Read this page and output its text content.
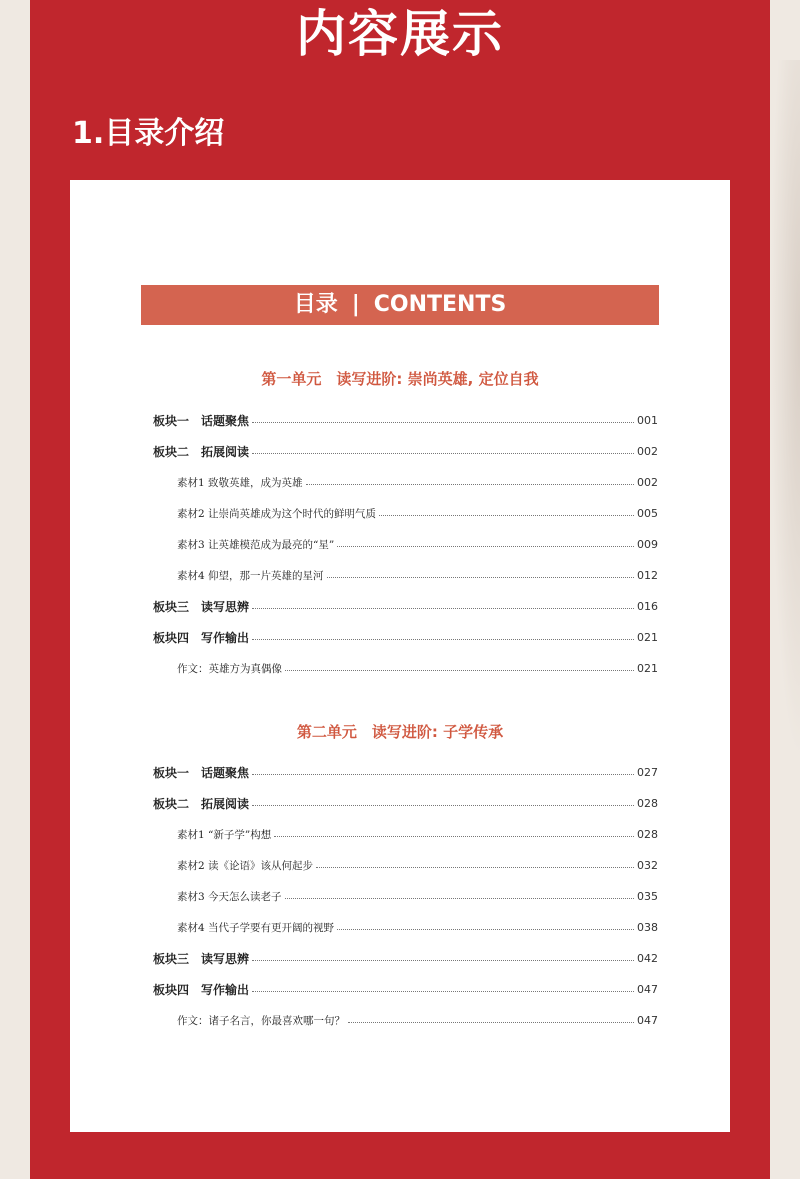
内容展示
1.目录介绍
目录 | CONTENTS
第一单元　读写进阶: 崇尚英雄, 定位自我
板块一　话题聚焦	001
板块二　拓展阅读	002
素材1 致敬英雄，成为英雄	002
素材2 让崇尚英雄成为这个时代的鲜明气质	005
素材3 让英雄模范成为最亮的“星”	009
素材4 仰望，那一片英雄的星河	012
板块三　读写思辨	016
板块四　写作输出	021
作文：英雄方为真偶像	021
第二单元　读写进阶: 子学传承
板块一　话题聚焦	027
板块二　拓展阅读	028
素材1 “新子学”构想	028
素材2 读《论语》该从何起步	032
素材3 今天怎么读老子	035
素材4 当代子学要有更开阔的视野	038
板块三　读写思辨	042
板块四　写作输出	047
作文：诸子名言，你最喜欢哪一句？	047
